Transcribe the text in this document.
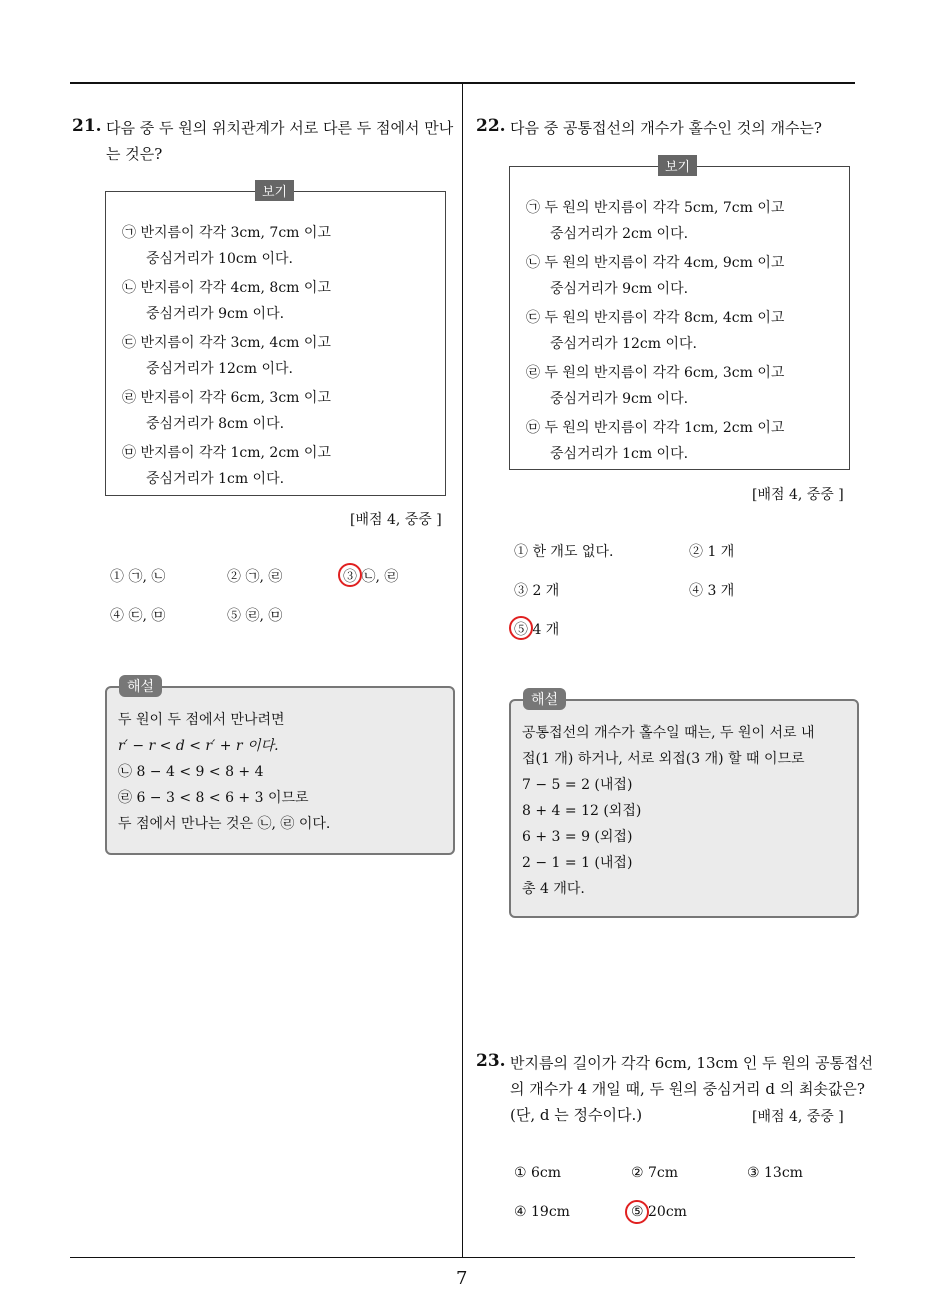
21. 다음 중 두 원의 위치관계가 서로 다른 두 점에서 만나
는 것은?
보기
㉠ 반지름이 각각 3cm, 7cm 이고
중심거리가 10cm 이다.
㉡ 반지름이 각각 4cm, 8cm 이고
중심거리가 9cm 이다.
㉢ 반지름이 각각 3cm, 4cm 이고
중심거리가 12cm 이다.
㉣ 반지름이 각각 6cm, 3cm 이고
중심거리가 8cm 이다.
㉤ 반지름이 각각 1cm, 2cm 이고
중심거리가 1cm 이다.
[배점 4, 중중 ]
① ㉠, ㉡	② ㉠, ㉣	③ ㉡, ㉣
④ ㉢, ㉤	⑤ ㉣, ㉤
해설
두 원이 두 점에서 만나려면
r′ − r < d < r′ + r 이다.
㉡ 8 − 4 < 9 < 8 + 4
㉣ 6 − 3 < 8 < 6 + 3 이므로
두 점에서 만나는 것은 ㉡, ㉣ 이다.
22. 다음 중 공통접선의 개수가 홀수인 것의 개수는?
보기
㉠ 두 원의 반지름이 각각 5cm, 7cm 이고
중심거리가 2cm 이다.
㉡ 두 원의 반지름이 각각 4cm, 9cm 이고
중심거리가 9cm 이다.
㉢ 두 원의 반지름이 각각 8cm, 4cm 이고
중심거리가 12cm 이다.
㉣ 두 원의 반지름이 각각 6cm, 3cm 이고
중심거리가 9cm 이다.
㉤ 두 원의 반지름이 각각 1cm, 2cm 이고
중심거리가 1cm 이다.
[배점 4, 중중 ]
① 한 개도 없다.	② 1 개
③ 2 개	④ 3 개
⑤ 4 개
해설
공통접선의 개수가 홀수일 때는, 두 원이 서로 내
접(1 개) 하거나, 서로 외접(3 개) 할 때 이므로
7 − 5 = 2 (내접)
8 + 4 = 12 (외접)
6 + 3 = 9 (외접)
2 − 1 = 1 (내접)
총 4 개다.
23. 반지름의 길이가 각각 6cm, 13cm 인 두 원의 공통접선
의 개수가 4 개일 때, 두 원의 중심거리 d 의 최솟값은?
(단, d 는 정수이다.)	[배점 4, 중중 ]
① 6cm	② 7cm	③ 13cm
④ 19cm	⑤ 20cm
7
